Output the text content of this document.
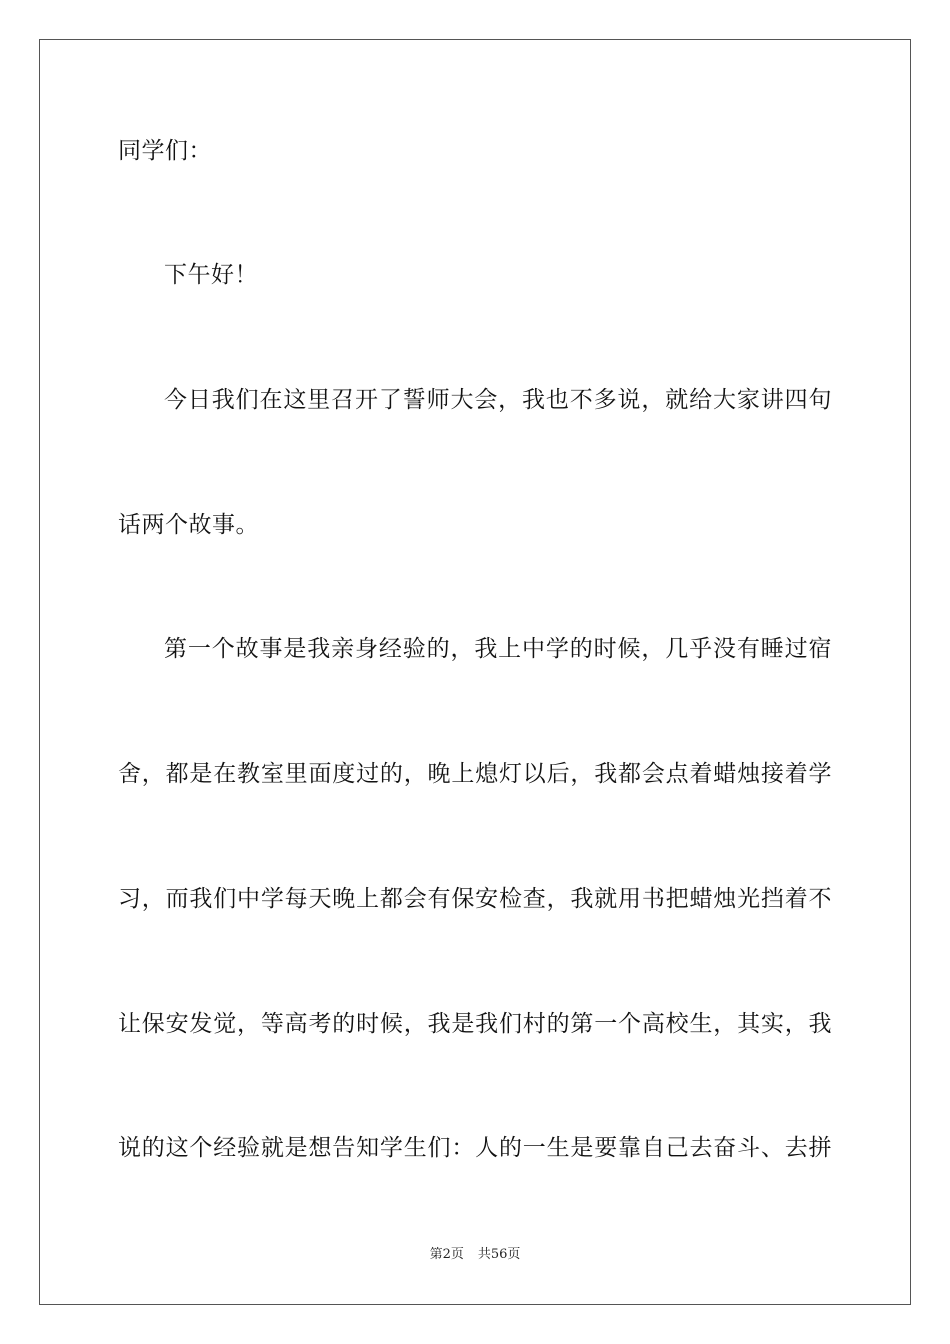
同学们：
下午好！
今日我们在这里召开了誓师大会，我也不多说，就给大家讲四句
话两个故事。
第一个故事是我亲身经验的，我上中学的时候，几乎没有睡过宿
舍，都是在教室里面度过的，晚上熄灯以后，我都会点着蜡烛接着学
习，而我们中学每天晚上都会有保安检查，我就用书把蜡烛光挡着不
让保安发觉，等高考的时候，我是我们村的第一个高校生，其实，我
说的这个经验就是想告知学生们：人的一生是要靠自己去奋斗、去拼
第2页 共56页
